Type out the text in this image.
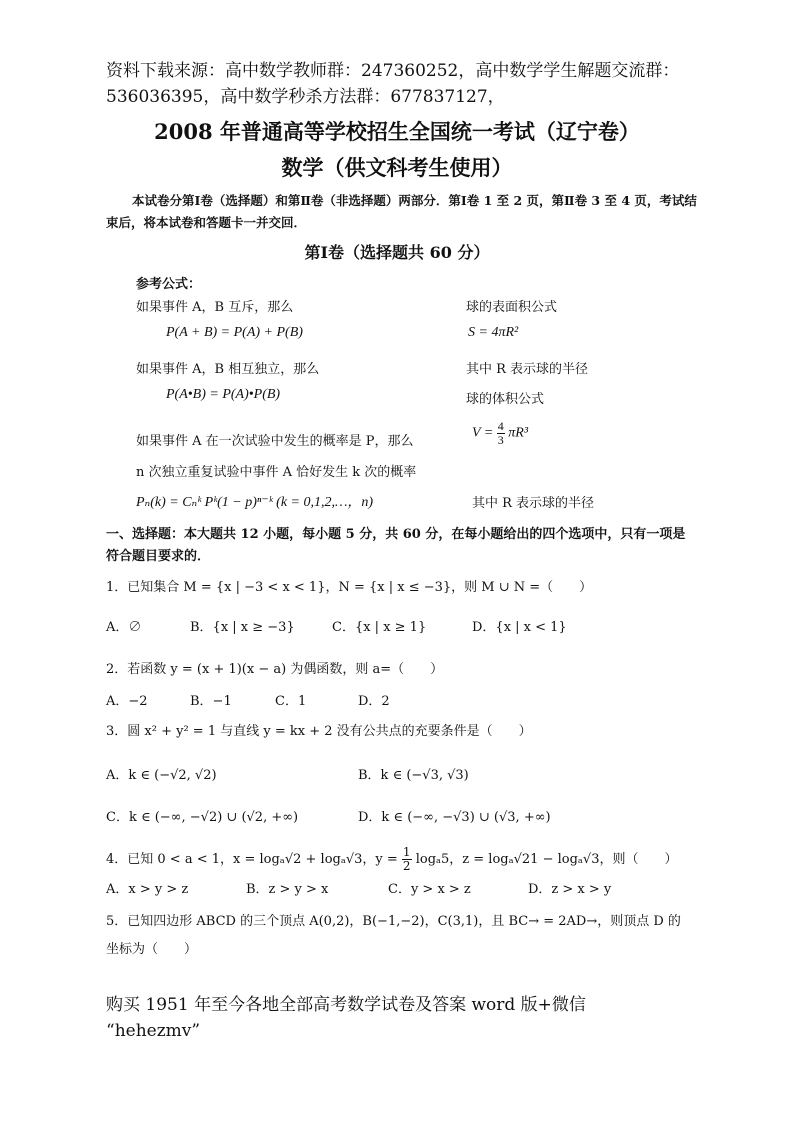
资料下载来源：高中数学教师群：247360252，高中数学学生解题交流群：
536036395，高中数学秒杀方法群：677837127，
2008 年普通高等学校招生全国统一考试（辽宁卷）
数学（供文科考生使用）
本试卷分第Ⅰ卷（选择题）和第Ⅱ卷（非选择题）两部分．第Ⅰ卷 1 至 2 页，第Ⅱ卷 3 至 4 页，考试结束后，将本试卷和答题卡一并交回．
第Ⅰ卷（选择题共 60 分）
参考公式：
如果事件 A，B 互斥，那么	球的表面积公式
P(A + B) = P(A) + P(B)	S = 4πR²
如果事件 A，B 相互独立，那么	其中 R 表示球的半径
P(A•B) = P(A)•P(B)	球的体积公式
如果事件 A 在一次试验中发生的概率是 P，那么
$V = \frac{4}{3} \pi R^3$
n 次独立重复试验中事件 A 恰好发生 k 次的概率
Pₙ(k) = Cₙᵏ Pᵏ(1 − p)ⁿ⁻ᵏ (k = 0,1,2,…，n)	其中 R 表示球的半径
一、选择题：本大题共 12 小题，每小题 5 分，共 60 分，在每小题给出的四个选项中，只有一项是符合题目要求的．
1．已知集合 M = {x | −3 < x < 1}，N = {x | x ≤ −3}，则 M ∪ N =（　　）
A．∅	B．{x | x ≥ −3}	C．{x | x ≥ 1}	D．{x | x < 1}
2．若函数 y = (x + 1)(x − a) 为偶函数，则 a=（　　）
A．−2	B．−1	C．1	D．2
3．圆 x² + y² = 1 与直线 y = kx + 2 没有公共点的充要条件是（　　）
A．k ∈ (−√2, √2)	B．k ∈ (−√3, √3)
C．k ∈ (−∞, −√2) ∪ (√2, +∞)	D．k ∈ (−∞, −√3) ∪ (√3, +∞)
4．已知 0 < a < 1，x = logₐ√2 + logₐ√3，$y = \frac{1}{2} \log_a5$，z = logₐ√21 − logₐ√3，则（　　）
A．x > y > z	B．z > y > x	C．y > x > z	D．z > x > y
5．已知四边形 ABCD 的三个顶点 A(0,2)，B(−1,−2)，C(3,1)，且 BC→ = 2AD→，则顶点 D 的
坐标为（　　）
购买 1951 年至今各地全部高考数学试卷及答案 word 版+微信
“hehezmv”
